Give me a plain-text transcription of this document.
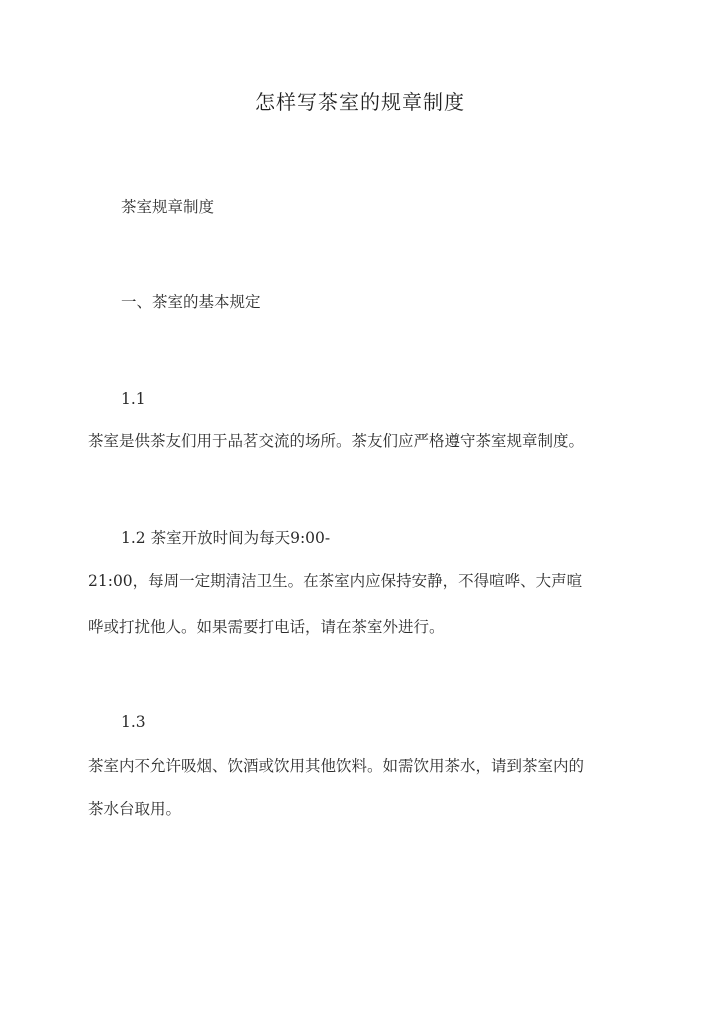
怎样写茶室的规章制度
茶室规章制度
一、茶室的基本规定
1.1
茶室是供茶友们用于品茗交流的场所。茶友们应严格遵守茶室规章制度。
1.2 茶室开放时间为每天9:00-
21:00，每周一定期清洁卫生。在茶室内应保持安静，不得喧哗、大声喧
哗或打扰他人。如果需要打电话，请在茶室外进行。
1.3
茶室内不允许吸烟、饮酒或饮用其他饮料。如需饮用茶水，请到茶室内的
茶水台取用。
